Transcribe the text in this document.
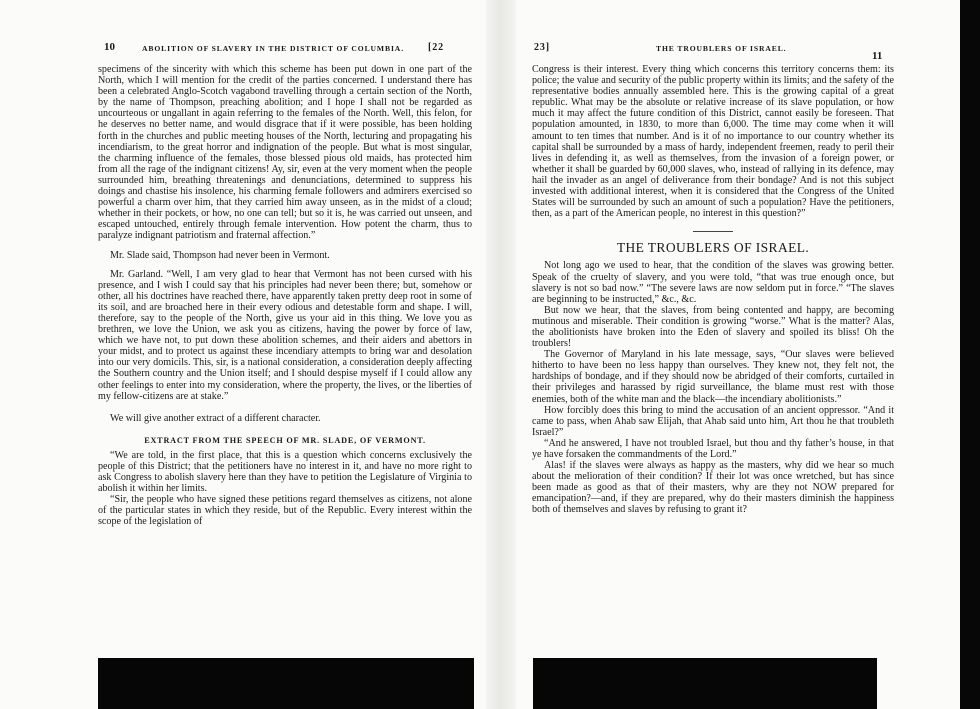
10	ABOLITION OF SLAVERY IN THE DISTRICT OF COLUMBIA. [22

specimens of the sincerity with which this scheme has been put down in one part of the North, which I will mention for the credit of the parties concerned. I understand there has been a celebrated Anglo-Scotch vagabond travelling through a certain section of the North, by the name of Thompson, preaching abolition; and I hope I shall not be regarded as uncourteous or ungallant in again referring to the females of the North. Well, this felon, for he deserves no better name, and would disgrace that if it were possible, has been holding forth in the churches and public meeting houses of the North, lecturing and propagating his incendiarism, to the great horror and indignation of the people. But what is most singular, the charming influence of the females, those blessed pious old maids, has protected him from all the rage of the indignant citizens! Ay, sir, even at the very moment when the people surrounded him, breathing threatenings and denunciations, determined to suppress his doings and chastise his insolence, his charming female followers and admirers exercised so powerful a charm over him, that they carried him away unseen, as in the midst of a cloud; whether in their pockets, or how, no one can tell; but so it is, he was carried out unseen, and escaped untouched, entirely through female intervention. How potent the charm, thus to paralyze indignant patriotism and fraternal affection.”

Mr. Slade said, Thompson had never been in Vermont.

Mr. Garland. “Well, I am very glad to hear that Vermont has not been cursed with his presence, and I wish I could say that his principles had never been there; but, somehow or other, all his doctrines have reached there, have apparently taken pretty deep root in some of its soil, and are broached here in their every odious and detestable form and shape. I will, therefore, say to the people of the North, give us your aid in this thing. We love you as brethren, we love the Union, we ask you as citizens, having the power by force of law, which we have not, to put down these abolition schemes, and their aiders and abettors in your midst, and to protect us against these incendiary attempts to bring war and desolation into our very domicils. This, sir, is a national consideration, a consideration deeply affecting the Southern country and the Union itself; and I should despise myself if I could allow any other feelings to enter into my consideration, where the property, the lives, or the liberties of my fellow-citizens are at stake.”

We will give another extract of a different character.

EXTRACT FROM THE SPEECH OF MR. SLADE, OF VERMONT.

“We are told, in the first place, that this is a question which concerns exclusively the people of this District; that the petitioners have no interest in it, and have no more right to ask Congress to abolish slavery here than they have to petition the Legislature of Virginia to abolish it within her limits.

“Sir, the people who have signed these petitions regard themselves as citizens, not alone of the particular states in which they reside, but of the Republic. Every interest within the scope of the legislation of

23]	THE TROUBLERS OF ISRAEL.
11

Congress is their interest. Every thing which concerns this territory concerns them: its police; the value and security of the public property within its limits; and the safety of the representative bodies annually assembled here. This is the growing capital of a great republic. What may be the absolute or relative increase of its slave population, or how much it may affect the future condition of this District, cannot easily be foreseen. That population amounted, in 1830, to more than 6,000. The time may come when it will amount to ten times that number. And is it of no importance to our country whether its capital shall be surrounded by a mass of hardy, independent freemen, ready to peril their lives in defending it, as well as themselves, from the invasion of a foreign power, or whether it shall be guarded by 60,000 slaves, who, instead of rallying in its defence, may hail the invader as an angel of deliverance from their bondage? And is not this subject invested with additional interest, when it is considered that the Congress of the United States will be surrounded by such an amount of such a population? Have the petitioners, then, as a part of the American people, no interest in this question?”

THE TROUBLERS OF ISRAEL.

Not long ago we used to hear, that the condition of the slaves was growing better. Speak of the cruelty of slavery, and you were told, “that was true enough once, but slavery is not so bad now.” “The severe laws are now seldom put in force.” “The slaves are beginning to be instructed,” &c., &c.

But now we hear, that the slaves, from being contented and happy, are becoming mutinous and miserable. Their condition is growing “worse.” What is the matter? Alas, the abolitionists have broken into the Eden of slavery and spoiled its bliss! Oh the troublers!

The Governor of Maryland in his late message, says, “Our slaves were believed hitherto to have been no less happy than ourselves. They knew not, they felt not, the hardships of bondage, and if they should now be abridged of their comforts, curtailed in their privileges and harassed by rigid surveillance, the blame must rest with those enemies, both of the white man and the black—the incendiary abolitionists.”

How forcibly does this bring to mind the accusation of an ancient oppressor. “And it came to pass, when Ahab saw Elijah, that Ahab said unto him, Art thou he that troubleth Israel?”

“And he answered, I have not troubled Israel, but thou and thy father’s house, in that ye have forsaken the commandments of the Lord.”

Alas! if the slaves were always as happy as the masters, why did we hear so much about the melioration of their condition? If their lot was once wretched, but has since been made as good as that of their masters, why are they not NOW prepared for emancipation?—and, if they are prepared, why do their masters diminish the happiness both of themselves and slaves by refusing to grant it?
